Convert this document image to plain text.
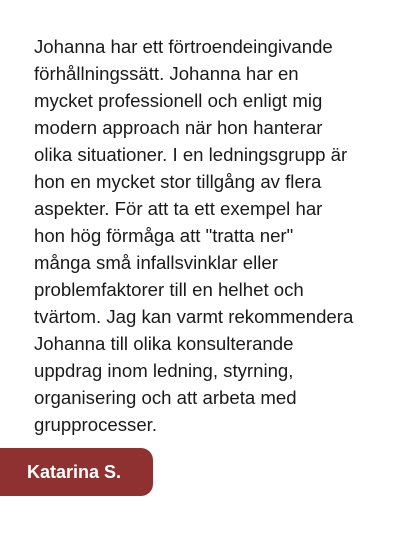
Johanna har ett förtroendeingivande
förhållningssätt. Johanna har en
mycket professionell och enligt mig
modern approach när hon hanterar
olika situationer. I en ledningsgrupp är
hon en mycket stor tillgång av flera
aspekter. För att ta ett exempel har
hon hög förmåga att "tratta ner"
många små infallsvinklar eller
problemfaktorer till en helhet och
tvärtom. Jag kan varmt rekommendera
Johanna till olika konsulterande
uppdrag inom ledning, styrning,
organisering och att arbeta med
grupprocesser.

Katarina S.
